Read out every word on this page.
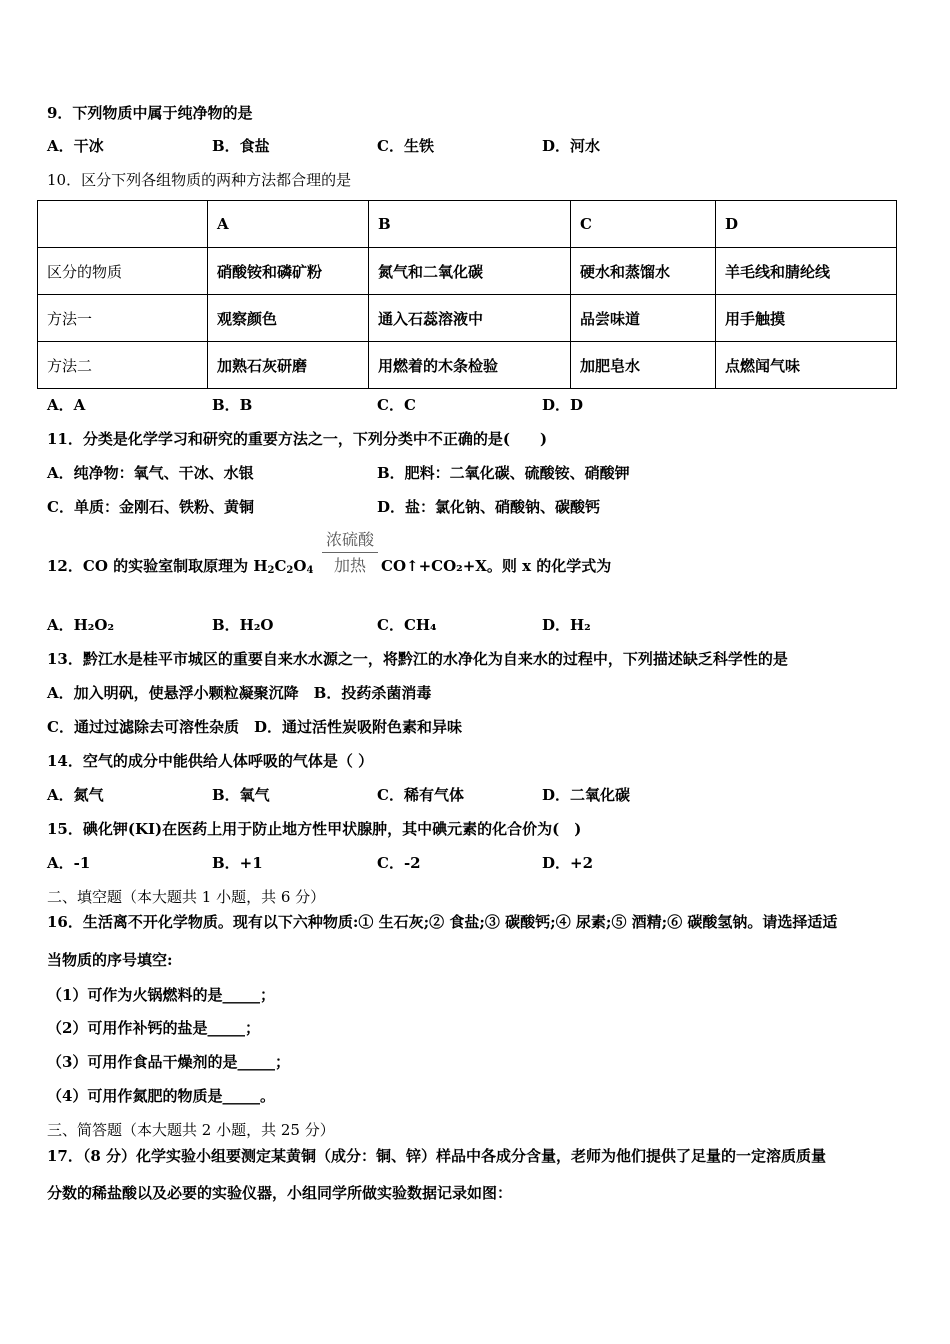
9．下列物质中属于纯净物的是
A．干冰	B．食盐	C．生铁	D．河水
10．区分下列各组物质的两种方法都合理的是
	A	B	C	D
区分的物质	硝酸铵和磷矿粉	氮气和二氧化碳	硬水和蒸馏水	羊毛线和腈纶线
方法一	观察颜色	通入石蕊溶液中	品尝味道	用手触摸
方法二	加熟石灰研磨	用燃着的木条检验	加肥皂水	点燃闻气味
A．A	B．B	C．C	D．D
11．分类是化学学习和研究的重要方法之一，下列分类中不正确的是(　　)
A．纯净物：氧气、干冰、水银	B．肥料：二氧化碳、硫酸铵、硝酸钾
C．单质：金刚石、铁粉、黄铜	D．盐：氯化钠、硝酸钠、碳酸钙
12．CO 的实验室制取原理为 $H_2C_2O_4$
浓硫酸
加热	CO↑+CO₂+X。则 x 的化学式为
A．H₂O₂	B．H₂O	C．CH₄	D．H₂
13．黔江水是桂平市城区的重要自来水水源之一，将黔江的水净化为自来水的过程中，下列描述缺乏科学性的是
A．加入明矾，使悬浮小颗粒凝聚沉降　B．投药杀菌消毒
C．通过过滤除去可溶性杂质　D．通过活性炭吸附色素和异味
14．空气的成分中能供给人体呼吸的气体是（ ）
A．氮气	B．氧气	C．稀有气体	D．二氧化碳
15．碘化钾(KI)在医药上用于防止地方性甲状腺肿，其中碘元素的化合价为(　)
A．-1	B．+1	C．-2	D．+2
二、填空题（本大题共 1 小题，共 6 分）
16．生活离不开化学物质。现有以下六种物质:① 生石灰;② 食盐;③ 碳酸钙;④ 尿素;⑤ 酒精;⑥ 碳酸氢钠。请选择适适
当物质的序号填空:
（1）可作为火锅燃料的是_____；
（2）可用作补钙的盐是_____；
（3）可用作食品干燥剂的是_____；
（4）可用作氮肥的物质是_____。
三、简答题（本大题共 2 小题，共 25 分）
17．（8 分）化学实验小组要测定某黄铜（成分：铜、锌）样品中各成分含量，老师为他们提供了足量的一定溶质质量
分数的稀盐酸以及必要的实验仪器，小组同学所做实验数据记录如图：
